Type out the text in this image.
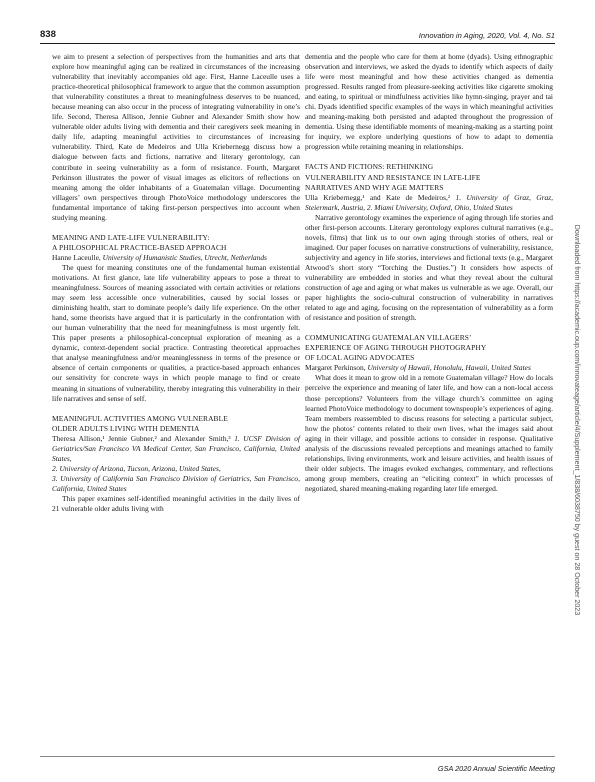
838	Innovation in Aging, 2020, Vol. 4, No. S1

we aim to present a selection of perspectives from the humanities and arts that explore how meaningful aging can be realized in circumstances of the increasing vulnerability that inevitably accompanies old age. First, Hanne Laceulle uses a practice-theoretical philosophical framework to argue that the common assumption that vulnerability constitutes a threat to meaningfulness deserves to be nuanced, because meaning can also occur in the process of integrating vulnerability in one’s life. Second, Theresa Allison, Jennie Gubner and Alexander Smith show how vulnerable older adults living with dementia and their caregivers seek meaning in daily life, adapting meaningful activities to circumstances of increasing vulnerability. Third, Kate de Medeiros and Ulla Kriebernegg discuss how a dialogue between facts and fictions, narrative and literary gerontology, can contribute in seeing vulnerability as a form of resistance. Fourth, Margaret Perkinson illustrates the power of visual images as elicitors of reflections on meaning among the older inhabitants of a Guatemalan village. Documenting villagers’ own perspectives through PhotoVoice methodology underscores the fundamental importance of taking first-person perspectives into account when studying meaning.

MEANING AND LATE-LIFE VULNERABILITY:
A PHILOSOPHICAL PRACTICE-BASED APPROACH

Hanne Laceulle, University of Humanistic Studies, Utrecht, Netherlands

The quest for meaning constitutes one of the fundamental human existential motivations. At first glance, late life vulnerability appears to pose a threat to meaningfulness. Sources of meaning associated with certain activities or relations may seem less accessible once vulnerabilities, caused by social losses or diminishing health, start to dominate people’s daily life experience. On the other hand, some theorists have argued that it is particularly in the confrontation with our human vulnerability that the need for meaningfulness is most urgently felt. This paper presents a philosophical-conceptual exploration of meaning as a dynamic, context-dependent social practice. Contrasting theoretical approaches that analyse meaningfulness and/or meaninglessness in terms of the presence or absence of certain components or qualities, a practice-based approach enhances our sensitivity for concrete ways in which people manage to find or create meaning in situations of vulnerability, thereby integrating this vulnerability in their life narratives and sense of self.

MEANINGFUL ACTIVITIES AMONG VULNERABLE
OLDER ADULTS LIVING WITH DEMENTIA

Theresa Allison,¹ Jennie Gubner,² and Alexander Smith,³ 1. UCSF Division of Geriatrics/San Francisco VA Medical Center, San Francisco, California, United States,

2. University of Arizona, Tucson, Arizona, United States,

3. University of California San Francisco Division of Geriatrics, San Francisco, California, United States

This paper examines self-identified meaningful activities in the daily lives of 21 vulnerable older adults living with

dementia and the people who care for them at home (dyads). Using ethnographic observation and interviews, we asked the dyads to identify which aspects of daily life were most meaningful and how these activities changed as dementia progressed. Results ranged from pleasure-seeking activities like cigarette smoking and eating, to spiritual or mindfulness activities like hymn-singing, prayer and tai chi. Dyads identified specific examples of the ways in which meaningful activities and meaning-making both persisted and adapted throughout the progression of dementia. Using these identifiable moments of meaning-making as a starting point for inquiry, we explore underlying questions of how to adapt to dementia progression while retaining meaning in relationships.

FACTS AND FICTIONS: RETHINKING
VULNERABILITY AND RESISTANCE IN LATE-LIFE
NARRATIVES AND WHY AGE MATTERS

Ulla Kriebernegg,¹ and Kate de Medeiros,² 1. University of Graz, Graz, Steiermark, Austria, 2. Miami University, Oxford, Ohio, United States

Narrative gerontology examines the experience of aging through life stories and other first-person accounts. Literary gerontology explores cultural narratives (e.g., novels, films) that link us to our own aging through stories of others, real or imagined. Our paper focuses on narrative constructions of vulnerability, resistance, subjectivity and agency in life stories, interviews and fictional texts (e.g., Margaret Atwood’s short story “Torching the Dusties.”) It considers how aspects of vulnerability are embedded in stories and what they reveal about the cultural construction of age and aging or what makes us vulnerable as we age. Overall, our paper highlights the socio-cultural construction of vulnerability in narratives related to age and aging, focusing on the representation of vulnerability as a form of resistance and position of strength.

COMMUNICATING GUATEMALAN VILLAGERS’
EXPERIENCE OF AGING THROUGH PHOTOGRAPHY
OF LOCAL AGING ADVOCATES

Margaret Perkinson, University of Hawaii, Honolulu, Hawaii, United States

What does it mean to grow old in a remote Guatemalan village? How do locals perceive the experience and meaning of later life, and how can a non-local access those perceptions? Volunteers from the village church’s committee on aging learned PhotoVoice methodology to document townspeople’s experiences of aging. Team members reassembled to discuss reasons for selecting a particular subject, how the photos’ contents related to their own lives, what the images said about aging in their village, and possible actions to consider in response. Qualitative analysis of the discussions revealed perceptions and meanings attached to family relationships, living environments, work and leisure activities, and health issues of their older subjects. The images evoked exchanges, commentary, and reflections among group members, creating an “eliciting context” in which processes of negotiated, shared meaning-making regarding later life emerged.	Downloaded from https://academic.oup.com/innovateage/article/4/Supplement_1/838/6038750 by guest on 28 October 2023
GSA 2020 Annual Scientific Meeting
